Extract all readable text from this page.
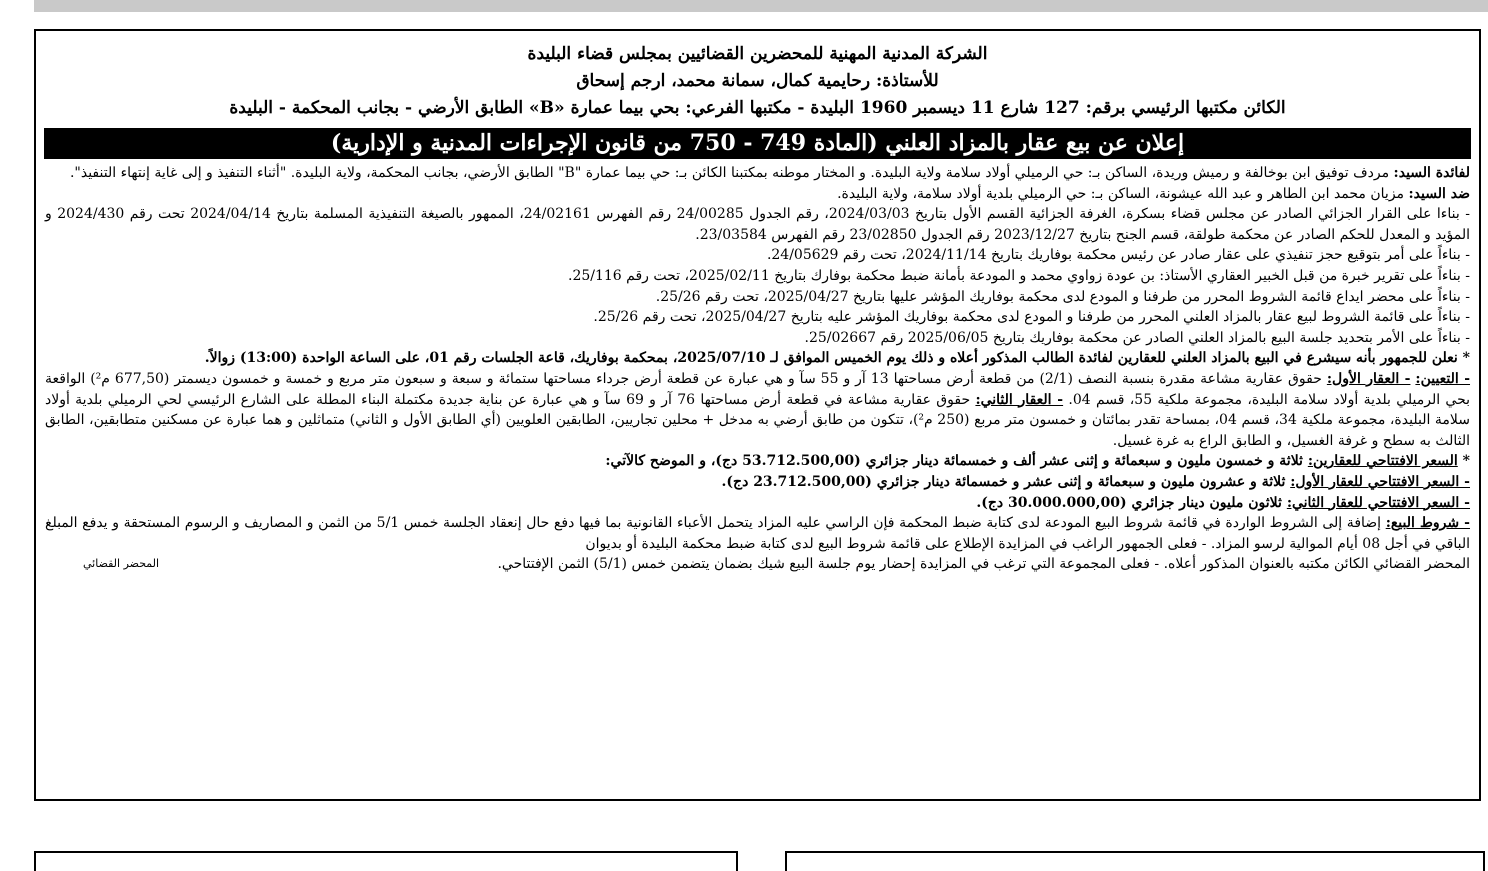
الشركة المدنية المهنية للمحضرين القضائيين بمجلس قضاء البليدة
للأستاذة: رحايمية كمال، سمانة محمد، ارجم إسحاق
الكائن مكتبها الرئيسي برقم: 127 شارع 11 ديسمبر 1960 البليدة - مكتبها الفرعي: بحي بيما عمارة «B» الطابق الأرضي - بجانب المحكمة - البليدة
إعلان عن بيع عقار بالمزاد العلني (المادة 749 - 750 من قانون الإجراءات المدنية و الإدارية)

لفائدة السيد: مردف توفيق ابن بوخالفة و رميش وريدة، الساكن بـ: حي الرميلي أولاد سلامة ولاية البليدة. و المختار موطنه بمكتبنا الكائن بـ: حي بيما عمارة "B" الطابق الأرضي، بجانب المحكمة، ولاية البليدة. "أثناء التنفيذ و إلى غاية إنتهاء التنفيذ".

ضد السيد: مزيان محمد ابن الطاهر و عبد الله عيشونة، الساكن بـ: حي الرميلي بلدية أولاد سلامة، ولاية البليدة.

- بناءا على القرار الجزائي الصادر عن مجلس قضاء بسكرة، الغرفة الجزائية القسم الأول بتاريخ 2024/03/03، رقم الجدول 24/00285 رقم الفهرس 24/02161، الممهور بالصيغة التنفيذية المسلمة بتاريخ 2024/04/14 تحت رقم 2024/430 و المؤيد و المعدل للحكم الصادر عن محكمة طولقة، قسم الجنح بتاريخ 2023/12/27 رقم الجدول 23/02850 رقم الفهرس 23/03584.

- بناءاً على أمر بتوقيع حجز تنفيذي على عقار صادر عن رئيس محكمة بوفاريك بتاريخ 2024/11/14، تحت رقم 24/05629.

- بناءاً على تقرير خبرة من قبل الخبير العقاري الأستاذ: بن عودة زواوي محمد و المودعة بأمانة ضبط محكمة بوفارك بتاريخ 2025/02/11، تحت رقم 25/116.

- بناءاً على محضر ايداع قائمة الشروط المحرر من طرفنا و المودع لدى محكمة بوفاريك المؤشر عليها بتاريخ 2025/04/27، تحت رقم 25/26.

- بناءاً على قائمة الشروط لبيع عقار بالمزاد العلني المحرر من طرفنا و المودع لدى محكمة بوفاريك المؤشر عليه بتاريخ 2025/04/27، تحت رقم 25/26.

- بناءاً على الأمر بتحديد جلسة البيع بالمزاد العلني الصادر عن محكمة بوفاريك بتاريخ 2025/06/05 رقم 25/02667.

* نعلن للجمهور بأنه سيشرع في البيع بالمزاد العلني للعقارين لفائدة الطالب المذكور أعلاه و ذلك يوم الخميس الموافق لـ 2025/07/10، بمحكمة بوفاريك، قاعة الجلسات رقم 01، على الساعة الواحدة (13:00) زوالاً.

- التعيين: - العقار الأول: حقوق عقارية مشاعة مقدرة بنسبة النصف (2/1) من قطعة أرض مساحتها 13 آر و 55 سآ و هي عبارة عن قطعة أرض جرداء مساحتها ستمائة و سبعة و سبعون متر مربع و خمسة و خمسون ديسمتر (677,50 م²) الواقعة بحي الرميلي بلدية أولاد سلامة البليدة، مجموعة ملكية 55، قسم 04. - العقار الثاني: حقوق عقارية مشاعة في قطعة أرض مساحتها 76 آر و 69 سآ و هي عبارة عن بناية جديدة مكتملة البناء المطلة على الشارع الرئيسي لحي الرميلي بلدية أولاد سلامة البليدة، مجموعة ملكية 34، قسم 04، بمساحة تقدر بمائتان و خمسون متر مربع (250 م²)، تتكون من طابق أرضي به مدخل + محلين تجاريين، الطابقين العلويين (أي الطابق الأول و الثاني) متماثلين و هما عبارة عن مسكنين متطابقين، الطابق الثالث به سطح و غرفة الغسيل، و الطابق الراع به غرة غسيل.

* السعر الافتتاحي للعقارين: ثلاثة و خمسون مليون و سبعمائة و إثنى عشر ألف و خمسمائة دينار جزائري (53.712.500,00 دج)، و الموضح كالآتي:

- السعر الافتتاحي للعقار الأول: ثلاثة و عشرون مليون و سبعمائة و إثنى عشر و خمسمائة دينار جزائري (23.712.500,00 دج).

- السعر الافتتاحي للعقار الثاني: ثلاثون مليون دينار جزائري (30.000.000,00 دج).

- شروط البيع: إضافة إلى الشروط الواردة في قائمة شروط البيع المودعة لدى كتابة ضبط المحكمة فإن الراسي عليه المزاد يتحمل الأعباء القانونية بما فيها دفع حال إنعقاد الجلسة خمس 5/1 من الثمن و المصاريف و الرسوم المستحقة و يدفع المبلغ الباقي في أجل 08 أيام الموالية لرسو المزاد. - فعلى الجمهور الراغب في المزايدة الإطلاع على قائمة شروط البيع لدى كتابة ضبط محكمة البليدة أو بديوان

المحضر القضائي الكائن مكتبه بالعنوان المذكور أعلاه. - فعلى المجموعة التي ترغب في المزايدة إحضار يوم جلسة البيع شيك بضمان يتضمن خمس (5/1) الثمن الإفتتاحي.
المحضر القضائي
